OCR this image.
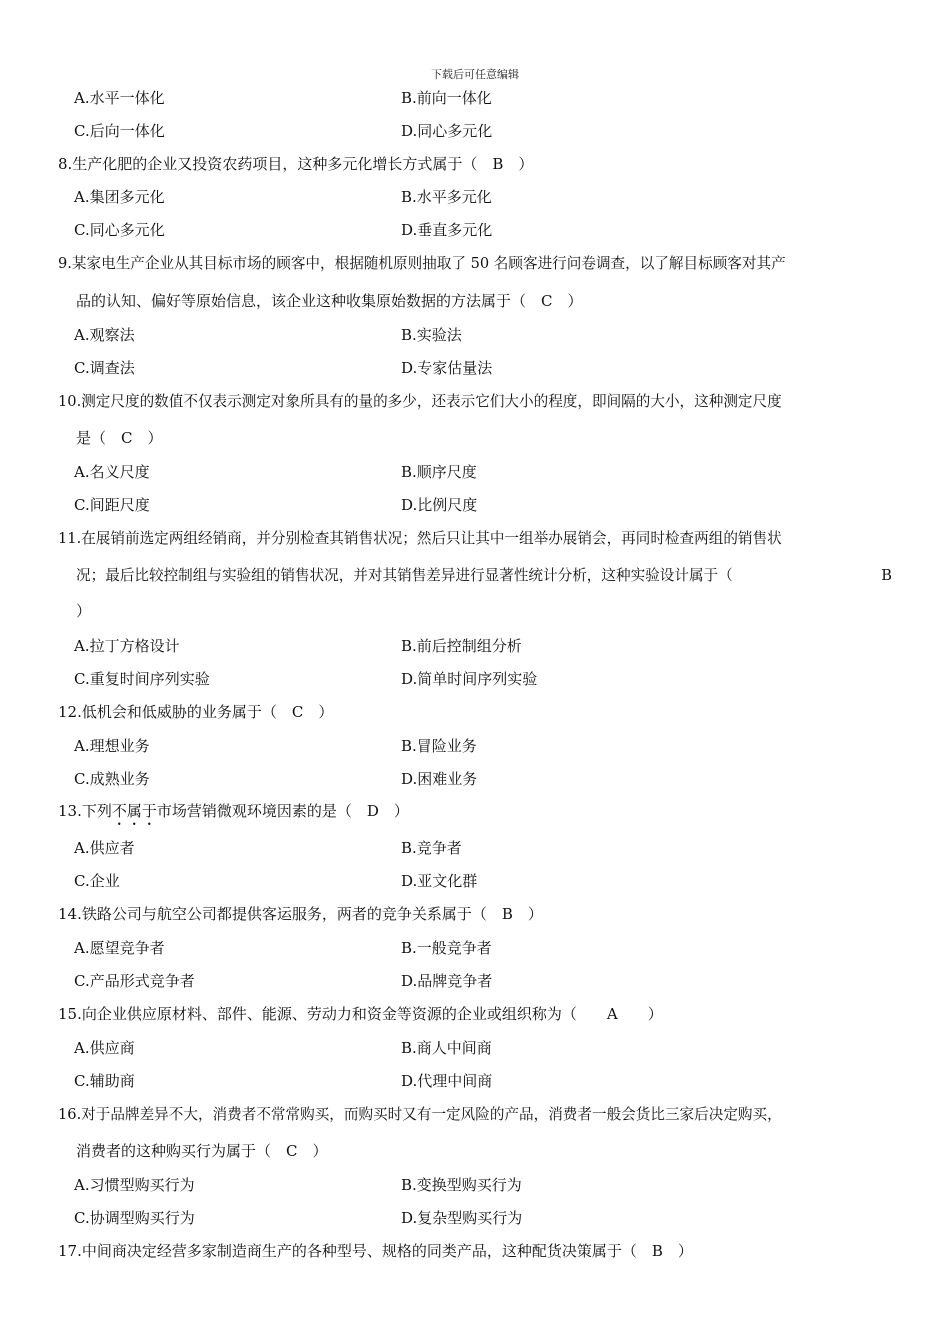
下载后可任意编辑
A.水平一体化	B.前向一体化
C.后向一体化	D.同心多元化
8.生产化肥的企业又投资农药项目，这种多元化增长方式属于（　B　）
A.集团多元化	B.水平多元化
C.同心多元化	D.垂直多元化
9.某家电生产企业从其目标市场的顾客中，根据随机原则抽取了 50 名顾客进行问卷调查，以了解目标顾客对其产
品的认知、偏好等原始信息，该企业这种收集原始数据的方法属于（　C　）
A.观察法	B.实验法
C.调查法	D.专家估量法
10.测定尺度的数值不仅表示测定对象所具有的量的多少，还表示它们大小的程度，即间隔的大小，这种测定尺度
是（　C　）
A.名义尺度	B.顺序尺度
C.间距尺度	D.比例尺度
11.在展销前选定两组经销商，并分别检查其销售状况；然后只让其中一组举办展销会，再同时检查两组的销售状
况；最后比较控制组与实验组的销售状况，并对其销售差异进行显著性统计分析，这种实验设计属于（	B
）
A.拉丁方格设计	B.前后控制组分析
C.重复时间序列实验	D.简单时间序列实验
12.低机会和低威胁的业务属于（　C　）
A.理想业务	B.冒险业务
C.成熟业务	D.困难业务
13.下列不属于市场营销微观环境因素的是（　D　）
A.供应者	B.竞争者
C.企业	D.亚文化群
14.铁路公司与航空公司都提供客运服务，两者的竞争关系属于（　B　）
A.愿望竞争者	B.一般竞争者
C.产品形式竞争者	D.品牌竞争者
15.向企业供应原材料、部件、能源、劳动力和资金等资源的企业或组织称为（　　A　　）
A.供应商	B.商人中间商
C.辅助商	D.代理中间商
16.对于品牌差异不大，消费者不常常购买，而购买时又有一定风险的产品，消费者一般会货比三家后决定购买，
消费者的这种购买行为属于（　C　）
A.习惯型购买行为	B.变换型购买行为
C.协调型购买行为	D.复杂型购买行为
17.中间商决定经营多家制造商生产的各种型号、规格的同类产品，这种配货决策属于（　B　）
